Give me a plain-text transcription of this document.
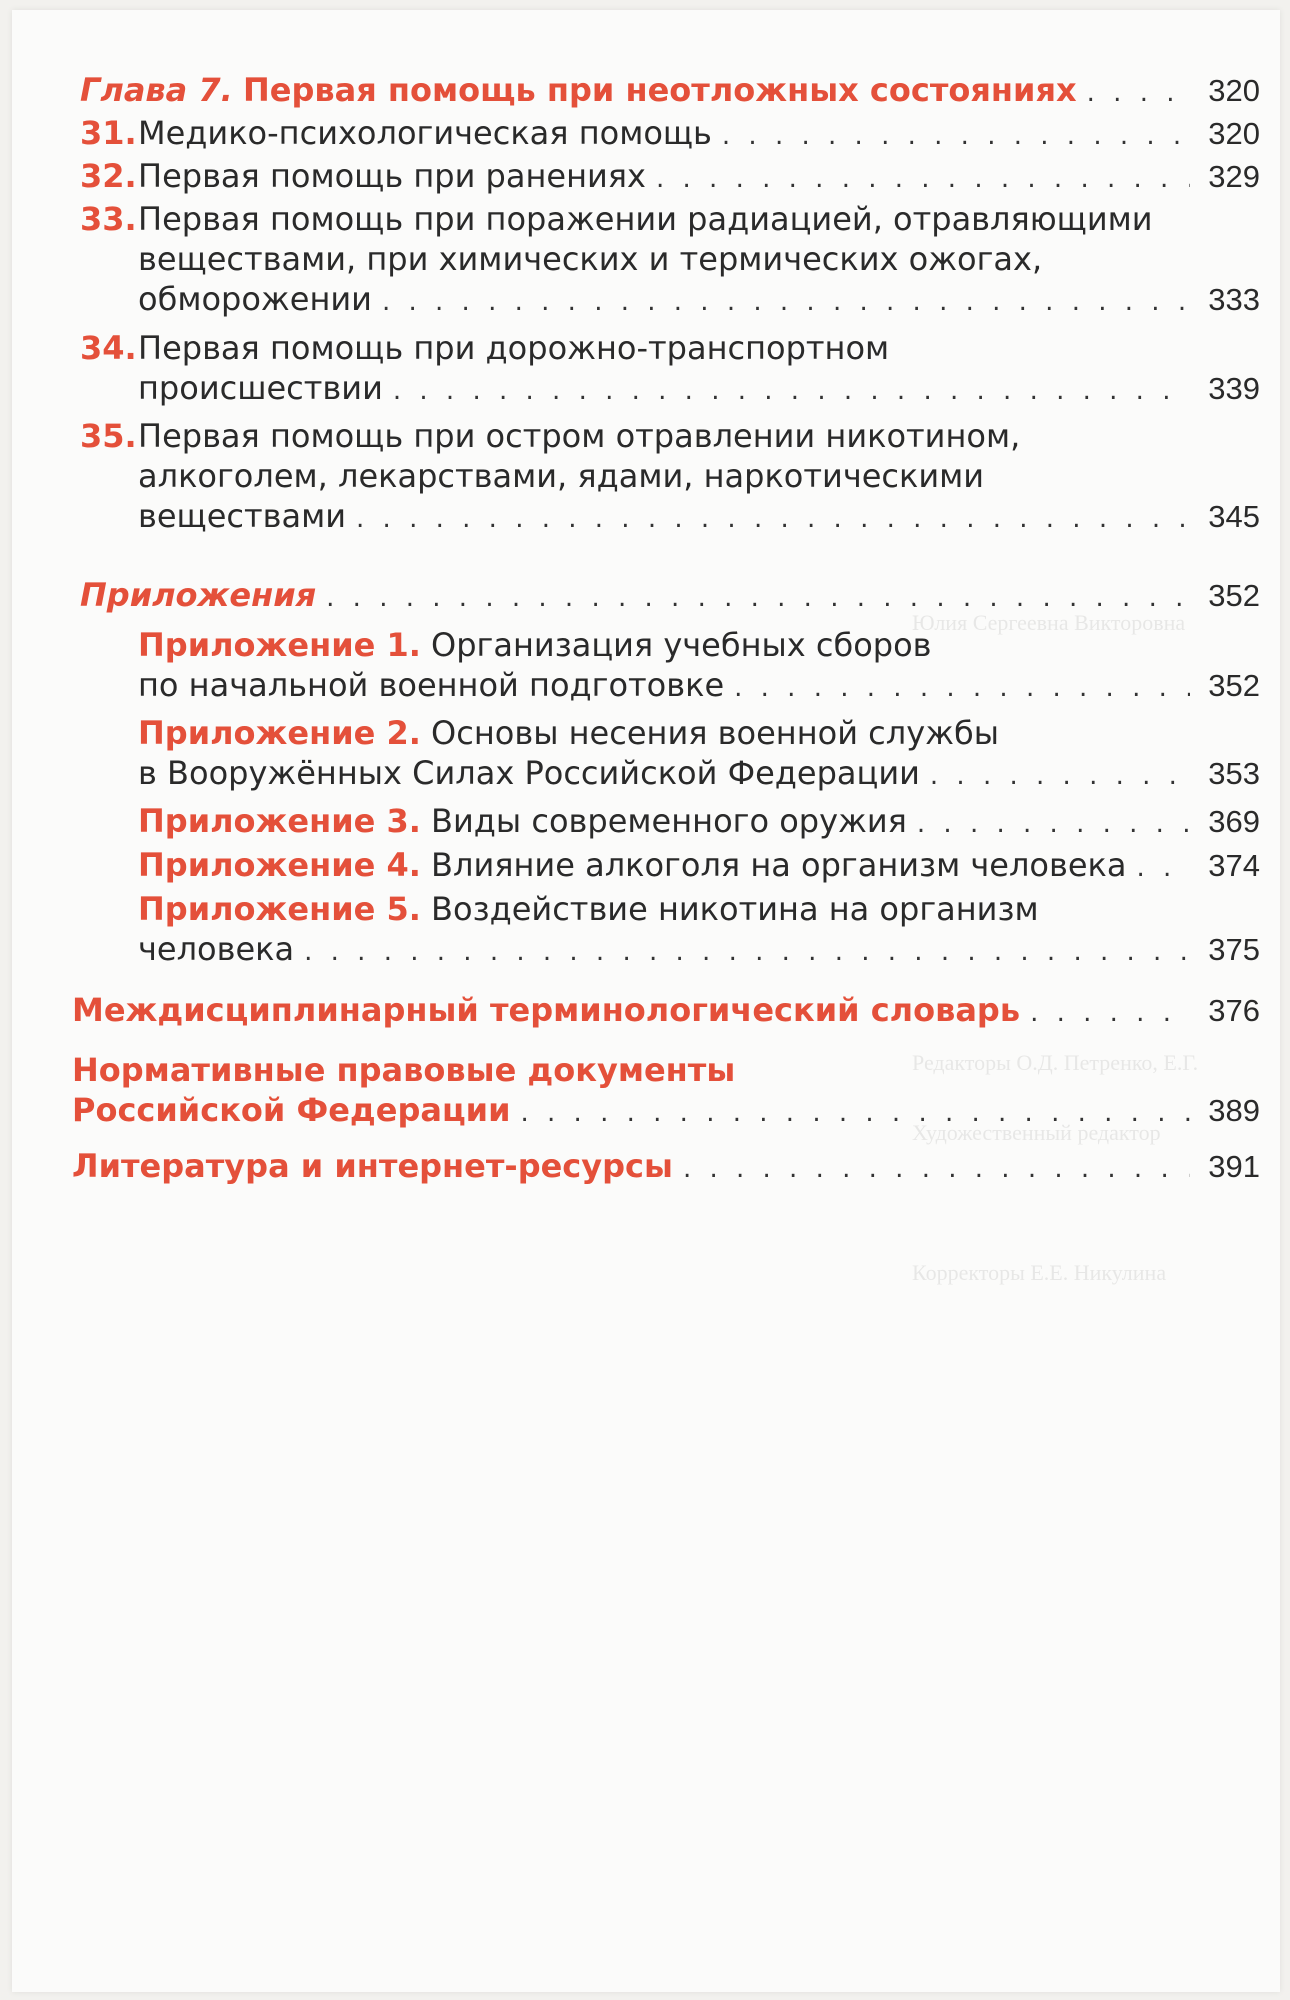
Юлия Сергеевна Викторовна
Редакторы О.Д. Петренко, Е.Г.
Художественный редактор
Корректоры Е.Е. Никулина
Глава 7. Первая помощь при неотложных состояниях . . .	320
31.Медико-психологическая помощь . . .	320
32.Первая помощь при ранениях . . .	329
33.Первая помощь при поражении радиацией, отравляющими
веществами, при химических и термических ожогах,
обморожении . . .	333
34.Первая помощь при дорожно-транспортном
происшествии . . .	339
35.Первая помощь при остром отравлении никотином,
алкоголем, лекарствами, ядами, наркотическими
веществами . . .	345
Приложения . . .	352
Приложение 1. Организация учебных сборов
по начальной военной подготовке . . .	352
Приложение 2. Основы несения военной службы
в Вооружённых Силах Российской Федерации . . .	353
Приложение 3. Виды современного оружия . . .	369
Приложение 4. Влияние алкоголя на организм человека . . .	374
Приложение 5. Воздействие никотина на организм
человека . . .	375
Междисциплинарный терминологический словарь . . .	376
Нормативные правовые документы
Российской Федерации . . .	389
Литература и интернет-ресурсы . . .	391
